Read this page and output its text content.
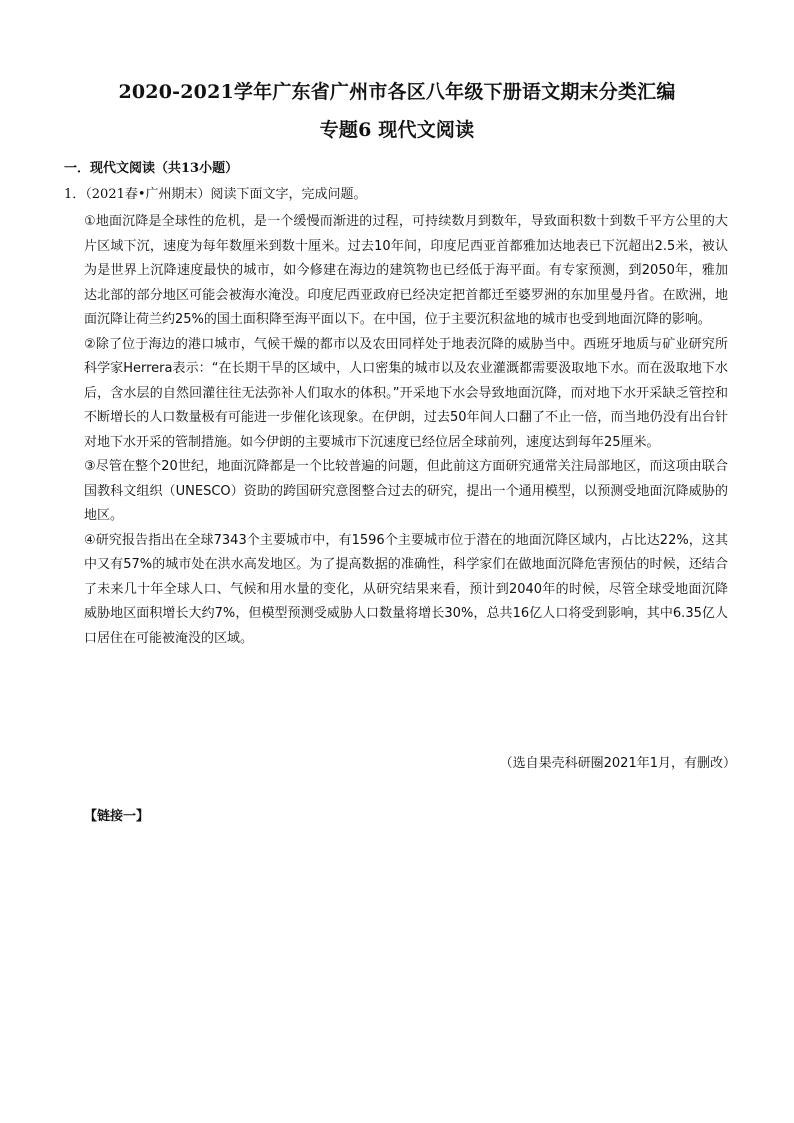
2020-2021学年广东省广州市各区八年级下册语文期末分类汇编
专题6 现代文阅读
一．现代文阅读（共13小题）
1．（2021春•广州期末）阅读下面文字，完成问题。

①地面沉降是全球性的危机，是一个缓慢而渐进的过程，可持续数月到数年，导致面积数十到数千平方公里的大片区域下沉，速度为每年数厘米到数十厘米。过去10年间，印度尼西亚首都雅加达地表已下沉超出2.5米，被认为是世界上沉降速度最快的城市，如今修建在海边的建筑物也已经低于海平面。有专家预测，到2050年，雅加达北部的部分地区可能会被海水淹没。印度尼西亚政府已经决定把首都迁至婆罗洲的东加里曼丹省。在欧洲，地面沉降让荷兰约25%的国土面积降至海平面以下。在中国，位于主要沉积盆地的城市也受到地面沉降的影响。

②除了位于海边的港口城市，气候干燥的都市以及农田同样处于地表沉降的威胁当中。西班牙地质与矿业研究所科学家Herrera表示：“在长期干旱的区域中，人口密集的城市以及农业灌溉都需要汲取地下水。而在汲取地下水后，含水层的自然回灌往往无法弥补人们取水的体积。”开采地下水会导致地面沉降，而对地下水开采缺乏管控和不断增长的人口数量极有可能进一步催化该现象。在伊朗，过去50年间人口翻了不止一倍，而当地仍没有出台针对地下水开采的管制措施。如今伊朗的主要城市下沉速度已经位居全球前列，速度达到每年25厘米。

③尽管在整个20世纪，地面沉降都是一个比较普遍的问题，但此前这方面研究通常关注局部地区，而这项由联合国教科文组织（UNESCO）资助的跨国研究意图整合过去的研究，提出一个通用模型，以预测受地面沉降威胁的地区。

④研究报告指出在全球7343个主要城市中，有1596个主要城市位于潜在的地面沉降区域内，占比达22%，这其中又有57%的城市处在洪水高发地区。为了提高数据的准确性，科学家们在做地面沉降危害预估的时候，还结合了未来几十年全球人口、气候和用水量的变化，从研究结果来看，预计到2040年的时候，尽管全球受地面沉降威胁地区面积增长大约7%，但模型预测受威胁人口数量将增长30%，总共16亿人口将受到影响，其中6.35亿人口居住在可能被淹没的区域。

（选自果壳科研圈2021年1月，有删改）
【链接一】
